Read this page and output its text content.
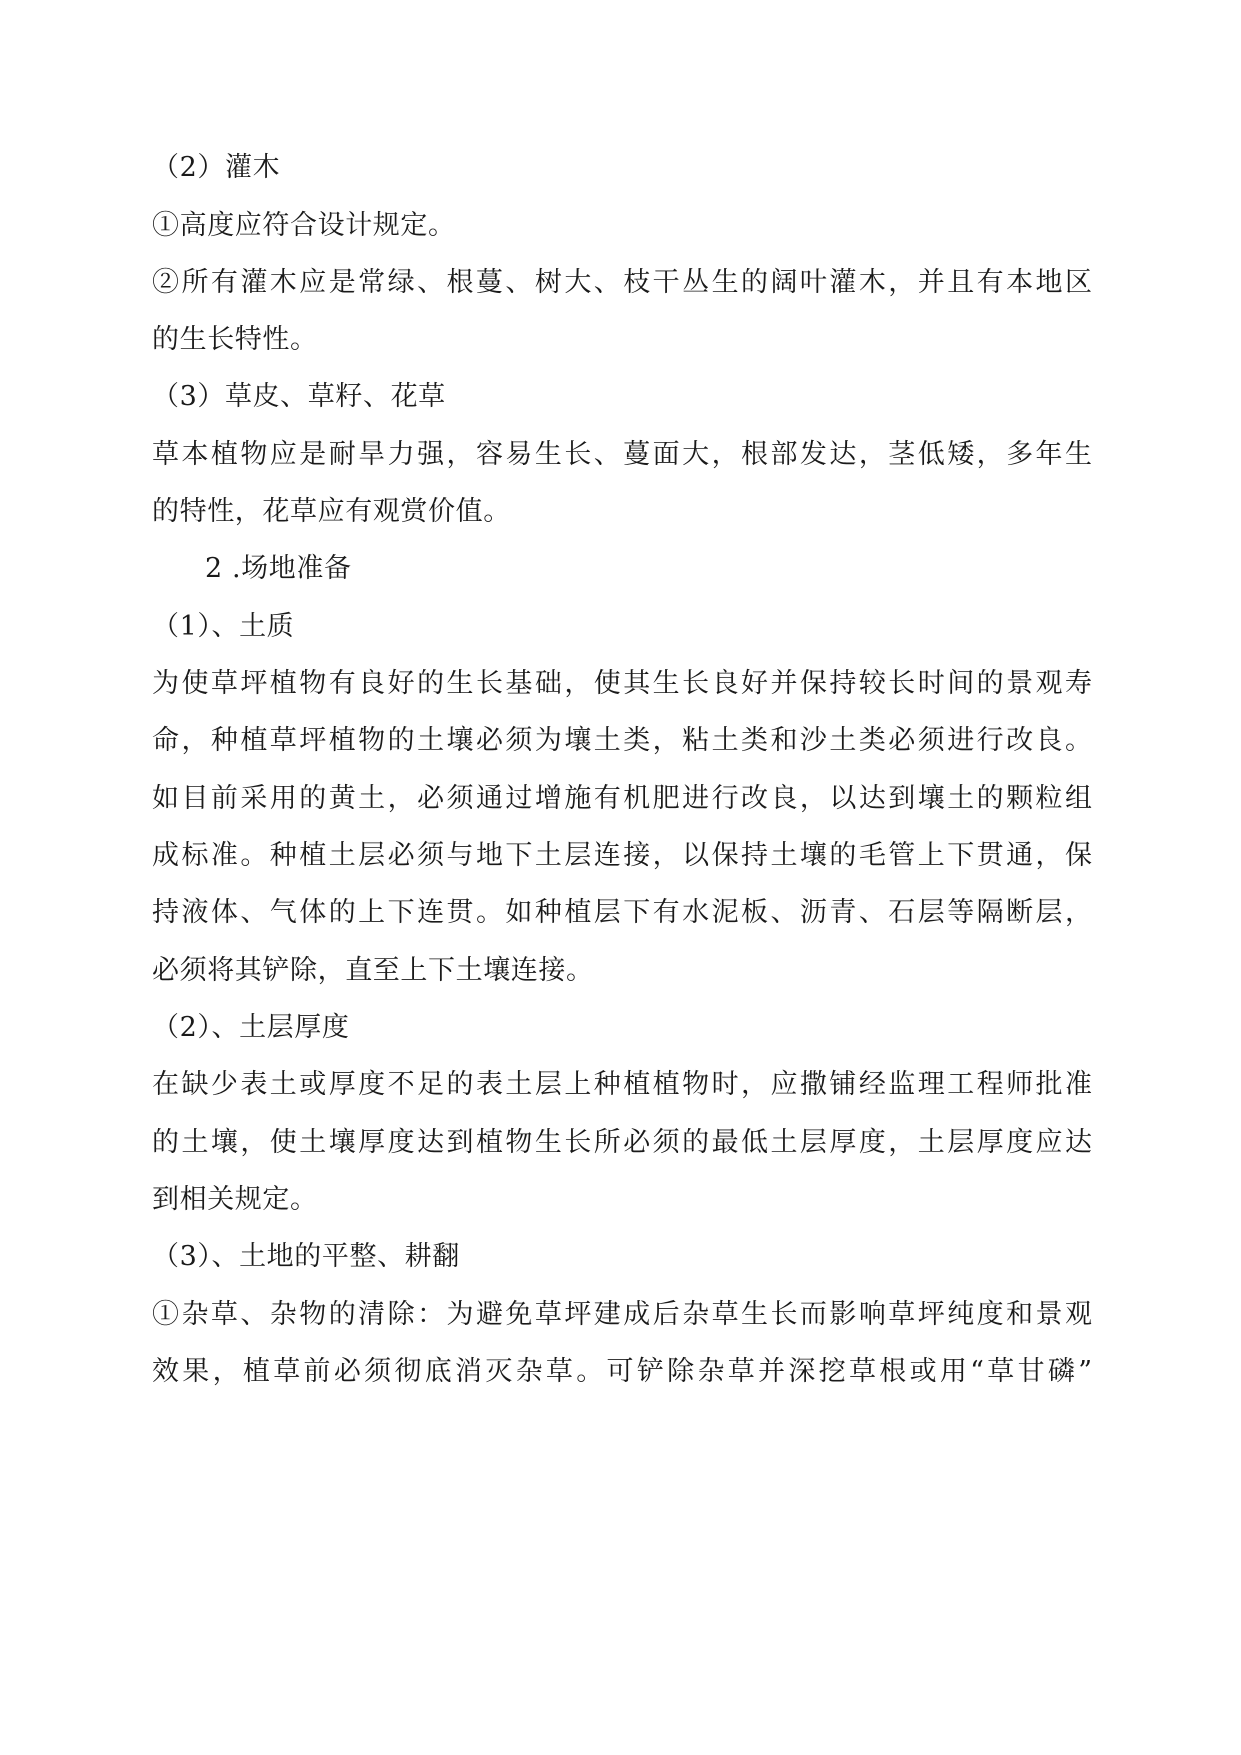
（2）灌木
①高度应符合设计规定。
②所有灌木应是常绿、根蔓、树大、枝干丛生的阔叶灌木，并且有本地区
的生长特性。
（3）草皮、草籽、花草
草本植物应是耐旱力强，容易生长、蔓面大，根部发达，茎低矮，多年生
的特性，花草应有观赏价值。
2 .场地准备
（1）、土质
为使草坪植物有良好的生长基础，使其生长良好并保持较长时间的景观寿
命，种植草坪植物的土壤必须为壤土类，粘土类和沙土类必须进行改良。
如目前采用的黄土，必须通过增施有机肥进行改良，以达到壤土的颗粒组
成标准。种植土层必须与地下土层连接，以保持土壤的毛管上下贯通，保
持液体、气体的上下连贯。如种植层下有水泥板、沥青、石层等隔断层，
必须将其铲除，直至上下土壤连接。
（2）、土层厚度
在缺少表土或厚度不足的表土层上种植植物时，应撒铺经监理工程师批准
的土壤，使土壤厚度达到植物生长所必须的最低土层厚度，土层厚度应达
到相关规定。
（3）、土地的平整、耕翻
①杂草、杂物的清除：为避免草坪建成后杂草生长而影响草坪纯度和景观
效果，植草前必须彻底消灭杂草。可铲除杂草并深挖草根或用“草甘磷”
